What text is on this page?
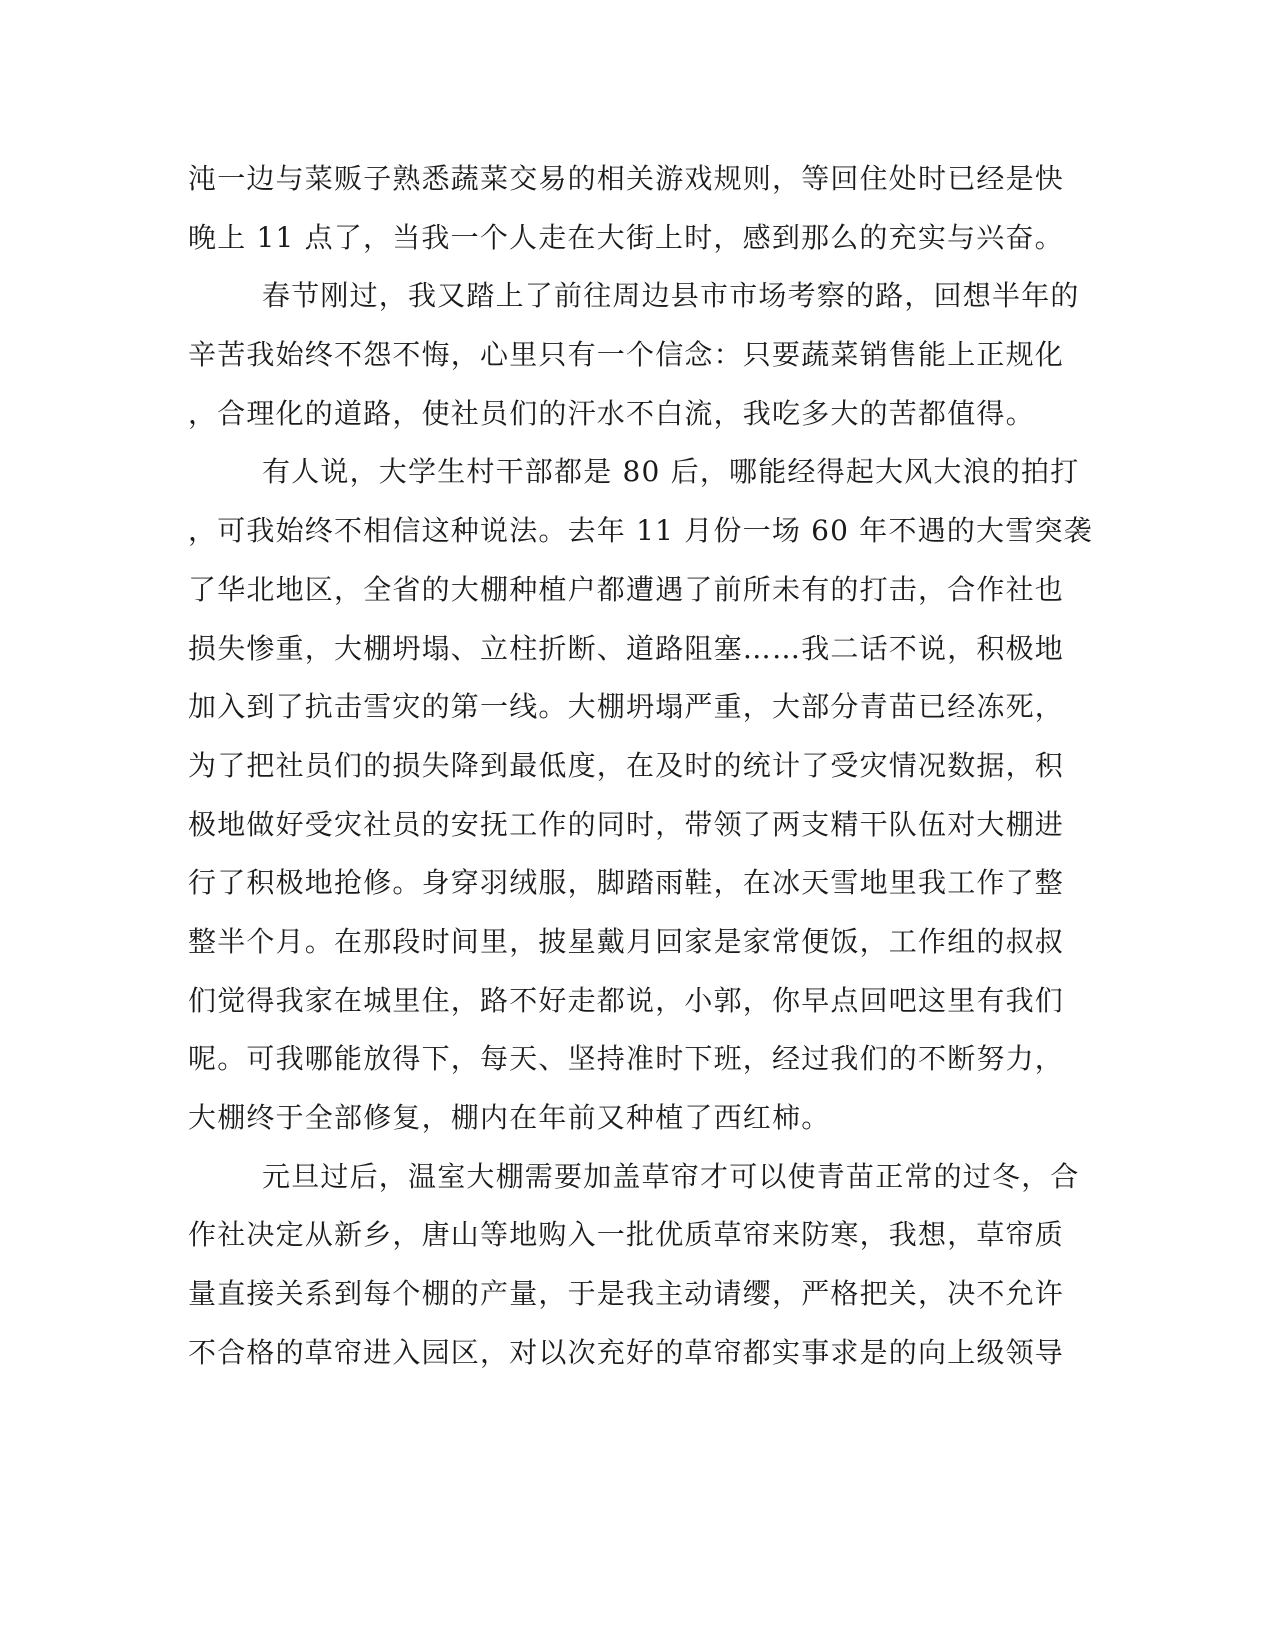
沌一边与菜贩子熟悉蔬菜交易的相关游戏规则，等回住处时已经是快
晚上 11 点了，当我一个人走在大街上时，感到那么的充实与兴奋。
春节刚过，我又踏上了前往周边县市市场考察的路，回想半年的
辛苦我始终不怨不悔，心里只有一个信念：只要蔬菜销售能上正规化
，合理化的道路，使社员们的汗水不白流，我吃多大的苦都值得。
有人说，大学生村干部都是 80 后，哪能经得起大风大浪的拍打
，可我始终不相信这种说法。去年 11 月份一场 60 年不遇的大雪突袭
了华北地区，全省的大棚种植户都遭遇了前所未有的打击，合作社也
损失惨重，大棚坍塌、立柱折断、道路阻塞……我二话不说，积极地
加入到了抗击雪灾的第一线。大棚坍塌严重，大部分青苗已经冻死，
为了把社员们的损失降到最低度，在及时的统计了受灾情况数据，积
极地做好受灾社员的安抚工作的同时，带领了两支精干队伍对大棚进
行了积极地抢修。身穿羽绒服，脚踏雨鞋，在冰天雪地里我工作了整
整半个月。在那段时间里，披星戴月回家是家常便饭，工作组的叔叔
们觉得我家在城里住，路不好走都说，小郭，你早点回吧这里有我们
呢。可我哪能放得下，每天、坚持准时下班，经过我们的不断努力，
大棚终于全部修复，棚内在年前又种植了西红柿。
元旦过后，温室大棚需要加盖草帘才可以使青苗正常的过冬，合
作社决定从新乡，唐山等地购入一批优质草帘来防寒，我想，草帘质
量直接关系到每个棚的产量，于是我主动请缨，严格把关，决不允许
不合格的草帘进入园区，对以次充好的草帘都实事求是的向上级领导
